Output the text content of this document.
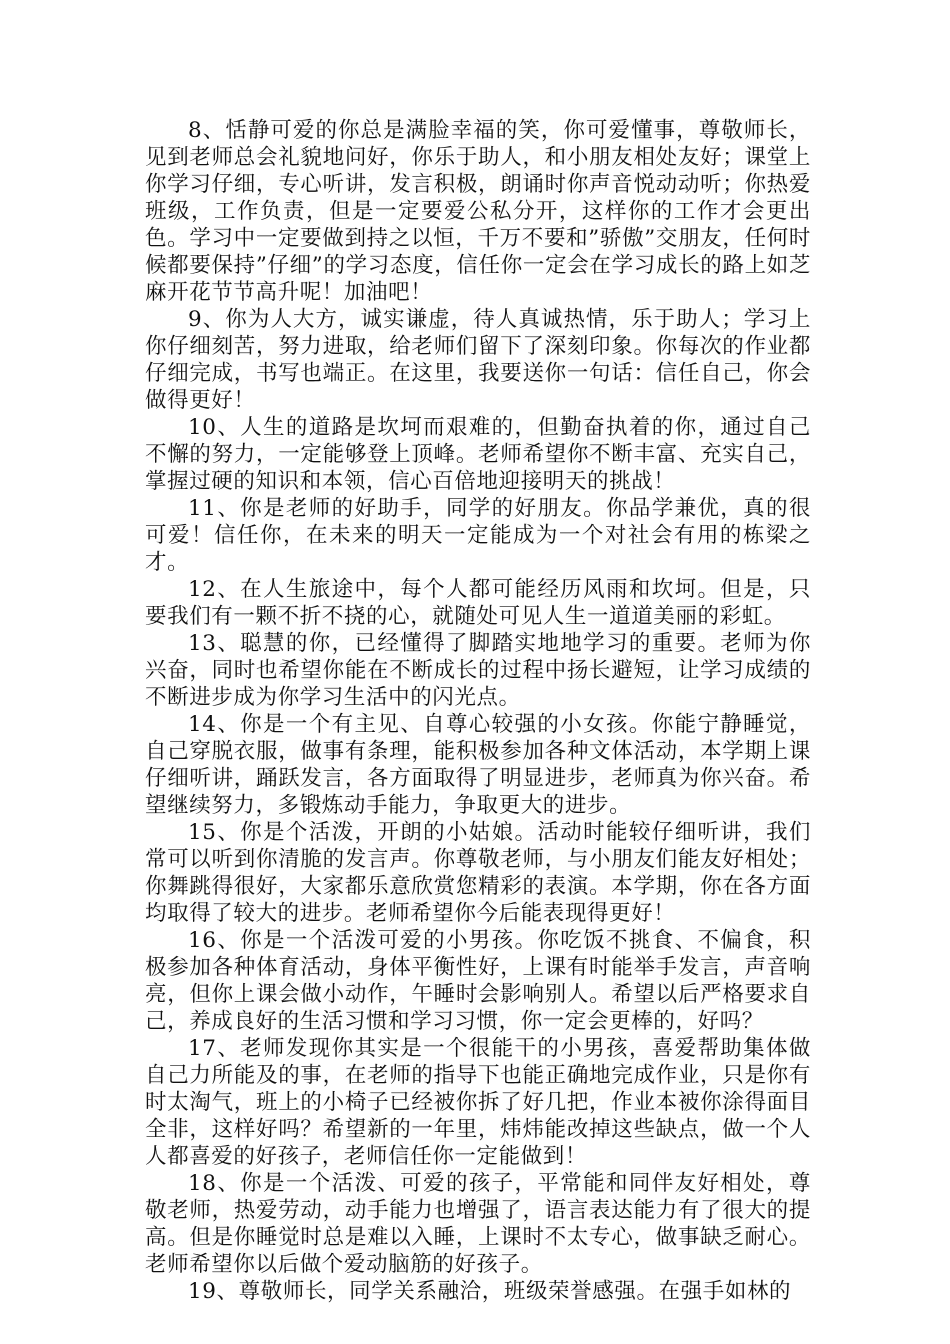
8、恬静可爱的你总是满脸幸福的笑，你可爱懂事，尊敬师长，见到老师总会礼貌地问好，你乐于助人，和小朋友相处友好；课堂上你学习仔细，专心听讲，发言积极，朗诵时你声音悦动动听；你热爱班级，工作负责，但是一定要爱公私分开，这样你的工作才会更出色。学习中一定要做到持之以恒，千万不要和”骄傲”交朋友，任何时候都要保持”仔细”的学习态度，信任你一定会在学习成长的路上如芝麻开花节节高升呢！加油吧！

9、你为人大方，诚实谦虚，待人真诚热情，乐于助人；学习上你仔细刻苦，努力进取，给老师们留下了深刻印象。你每次的作业都仔细完成，书写也端正。在这里，我要送你一句话：信任自己，你会做得更好！

10、人生的道路是坎坷而艰难的，但勤奋执着的你，通过自己不懈的努力，一定能够登上顶峰。老师希望你不断丰富、充实自己，掌握过硬的知识和本领，信心百倍地迎接明天的挑战！

11、你是老师的好助手，同学的好朋友。你品学兼优，真的很可爱！信任你，在未来的明天一定能成为一个对社会有用的栋梁之才。

12、在人生旅途中，每个人都可能经历风雨和坎坷。但是，只要我们有一颗不折不挠的心，就随处可见人生一道道美丽的彩虹。

13、聪慧的你，已经懂得了脚踏实地地学习的重要。老师为你兴奋，同时也希望你能在不断成长的过程中扬长避短，让学习成绩的不断进步成为你学习生活中的闪光点。

14、你是一个有主见、自尊心较强的小女孩。你能宁静睡觉，自己穿脱衣服，做事有条理，能积极参加各种文体活动，本学期上课仔细听讲，踊跃发言，各方面取得了明显进步，老师真为你兴奋。希望继续努力，多锻炼动手能力，争取更大的进步。

15、你是个活泼，开朗的小姑娘。活动时能较仔细听讲，我们常可以听到你清脆的发言声。你尊敬老师，与小朋友们能友好相处；你舞跳得很好，大家都乐意欣赏您精彩的表演。本学期，你在各方面均取得了较大的进步。老师希望你今后能表现得更好！

16、你是一个活泼可爱的小男孩。你吃饭不挑食、不偏食，积极参加各种体育活动，身体平衡性好，上课有时能举手发言，声音响亮，但你上课会做小动作，午睡时会影响别人。希望以后严格要求自己，养成良好的生活习惯和学习习惯，你一定会更棒的，好吗？

17、老师发现你其实是一个很能干的小男孩，喜爱帮助集体做自己力所能及的事，在老师的指导下也能正确地完成作业，只是你有时太淘气，班上的小椅子已经被你拆了好几把，作业本被你涂得面目全非，这样好吗？希望新的一年里，炜炜能改掉这些缺点，做一个人人都喜爱的好孩子，老师信任你一定能做到！

18、你是一个活泼、可爱的孩子，平常能和同伴友好相处，尊敬老师，热爱劳动，动手能力也增强了，语言表达能力有了很大的提高。但是你睡觉时总是难以入睡，上课时不太专心，做事缺乏耐心。老师希望你以后做个爱动脑筋的好孩子。

19、尊敬师长，同学关系融洽，班级荣誉感强。在强手如林的
